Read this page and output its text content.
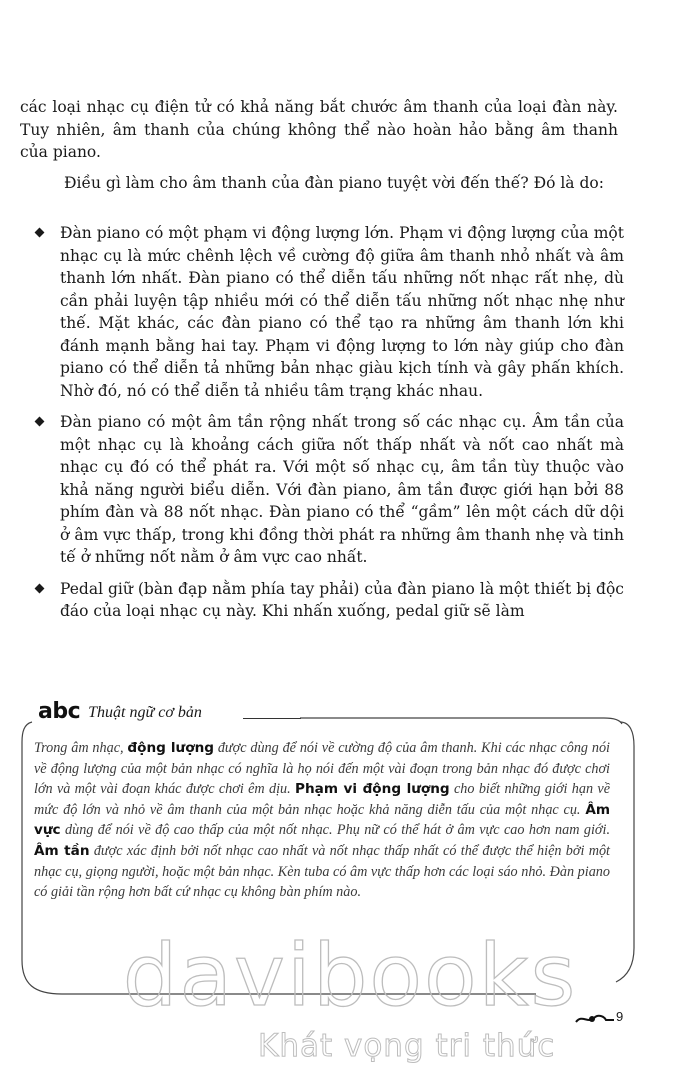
các loại nhạc cụ điện tử có khả năng bắt chước âm thanh của loại đàn này. Tuy nhiên, âm thanh của chúng không thể nào hoàn hảo bằng âm thanh của piano.

Điều gì làm cho âm thanh của đàn piano tuyệt vời đến thế? Đó là do:

Đàn piano có một phạm vi động lượng lớn. Phạm vi động lượng của một nhạc cụ là mức chênh lệch về cường độ giữa âm thanh nhỏ nhất và âm thanh lớn nhất. Đàn piano có thể diễn tấu những nốt nhạc rất nhẹ, dù cần phải luyện tập nhiều mới có thể diễn tấu những nốt nhạc nhẹ như thế. Mặt khác, các đàn piano có thể tạo ra những âm thanh lớn khi đánh mạnh bằng hai tay. Phạm vi động lượng to lớn này giúp cho đàn piano có thể diễn tả những bản nhạc giàu kịch tính và gây phấn khích. Nhờ đó, nó có thể diễn tả nhiều tâm trạng khác nhau.
Đàn piano có một âm tần rộng nhất trong số các nhạc cụ. Âm tần của một nhạc cụ là khoảng cách giữa nốt thấp nhất và nốt cao nhất mà nhạc cụ đó có thể phát ra. Với một số nhạc cụ, âm tần tùy thuộc vào khả năng người biểu diễn. Với đàn piano, âm tần được giới hạn bởi 88 phím đàn và 88 nốt nhạc. Đàn piano có thể “gầm” lên một cách dữ dội ở âm vực thấp, trong khi đồng thời phát ra những âm thanh nhẹ và tinh tế ở những nốt nằm ở âm vực cao nhất.
Pedal giữ (bàn đạp nằm phía tay phải) của đàn piano là một thiết bị độc đáo của loại nhạc cụ này. Khi nhấn xuống, pedal giữ sẽ làm
abc Thuật ngữ cơ bản

Trong âm nhạc, động lượng được dùng để nói về cường độ của âm thanh. Khi các nhạc công nói về động lượng của một bản nhạc có nghĩa là họ nói đến một vài đoạn trong bản nhạc đó được chơi lớn và một vài đoạn khác được chơi êm dịu. Phạm vi động lượng cho biết những giới hạn về mức độ lớn và nhỏ về âm thanh của một bản nhạc hoặc khả năng diễn tấu của một nhạc cụ. Âm vực dùng để nói về độ cao thấp của một nốt nhạc. Phụ nữ có thể hát ở âm vực cao hơn nam giới. Âm tần được xác định bởi nốt nhạc cao nhất và nốt nhạc thấp nhất có thể được thể hiện bởi một nhạc cụ, giọng người, hoặc một bản nhạc. Kèn tuba có âm vực thấp hơn các loại sáo nhỏ. Đàn piano có giải tần rộng hơn bất cứ nhạc cụ không bàn phím nào.

davibooks
Khát vọng tri thức
9
